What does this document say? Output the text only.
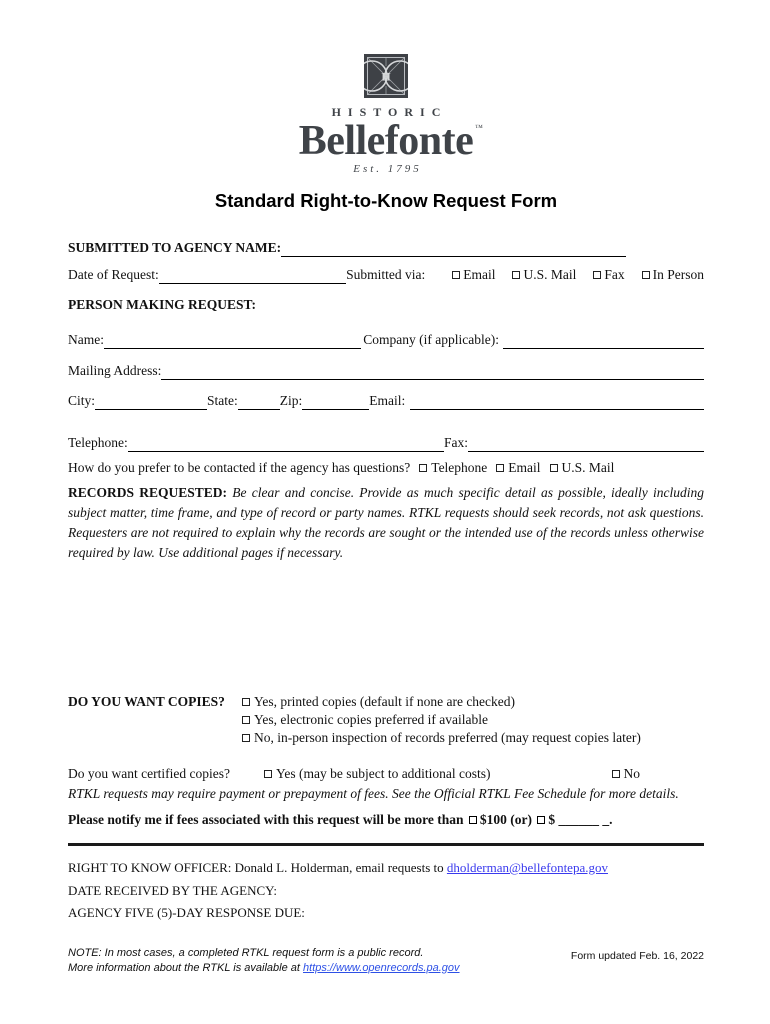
H
HISTORIC
Bellefonte ™
Est. 1795
Standard Right-to-Know Request Form
SUBMITTED TO AGENCY NAME:
Date of Request:	Submitted via:	Email	U.S. Mail	Fax	In Person
PERSON MAKING REQUEST:
Name:	Company (if applicable):
Mailing Address:
City:	State:	Zip:	Email:
Telephone:	Fax:
How do you prefer to be contacted if the agency has questions?	Telephone	Email	U.S. Mail
RECORDS REQUESTED: Be clear and concise. Provide as much specific detail as possible, ideally including subject matter, time frame, and type of record or party names. RTKL requests should seek records, not ask questions. Requesters are not required to explain why the records are sought or the intended use of the records unless otherwise required by law. Use additional pages if necessary.
DO YOU WANT COPIES?	Yes, printed copies (default if none are checked)
Yes, electronic copies preferred if available
No, in-person inspection of records preferred (may request copies later)
Do you want certified copies?	Yes (may be subject to additional costs)	No
RTKL requests may require payment or prepayment of fees. See the Official RTKL Fee Schedule for more details.
Please notify me if fees associated with this request will be more than $100 (or) $ ______ _.
RIGHT TO KNOW OFFICER: Donald L. Holderman, email requests to dholderman@bellefontepa.gov
DATE RECEIVED BY THE AGENCY:
AGENCY FIVE (5)-DAY RESPONSE DUE:
NOTE: In most cases, a completed RTKL request form is a public record.
More information about the RTKL is available at https://www.openrecords.pa.gov
Form updated Feb. 16, 2022
